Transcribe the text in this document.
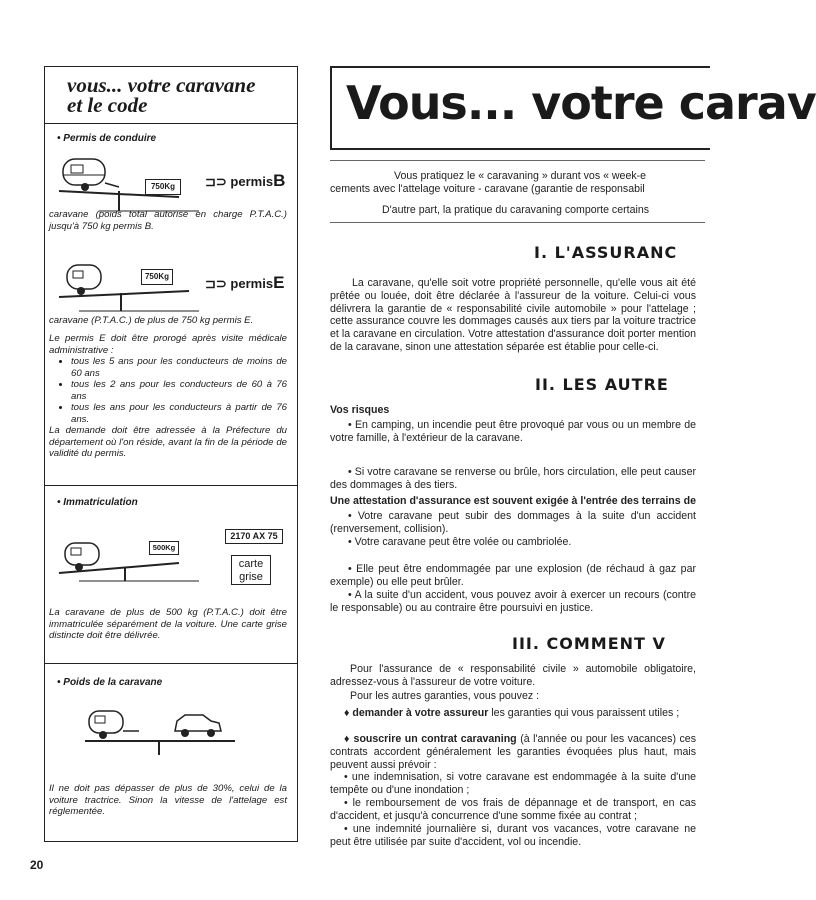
vous... votre caravane
et le code
• Permis de conduire
750Kg	⊐⊃ permisB
caravane (poids total autorisé en charge P.T.A.C.) jusqu'à 750 kg permis B.
750Kg	⊐⊃ permisE
caravane (P.T.A.C.) de plus de 750 kg permis E.
Le permis E doit être prorogé après visite médicale administrative :
• tous les 5 ans pour les conducteurs de moins de 60 ans
• tous les 2 ans pour les conducteurs de 60 à 76 ans
• tous les ans pour les conducteurs à partir de 76 ans.
La demande doit être adressée à la Préfecture du département où l'on réside, avant la fin de la période de validité du permis.
• Immatriculation
2170 AX 75
500Kg
carte
grise
La caravane de plus de 500 kg (P.T.A.C.) doit être immatriculée séparément de la voiture. Une carte grise distincte doit être délivrée.
• Poids de la caravane
Il ne doit pas dépasser de plus de 30%, celui de la voiture tractrice. Sinon la vitesse de l'attelage est réglementée.
20
Vous... votre carav
Vous pratiquez le « caravaning » durant vos « week-e
cements avec l'attelage voiture - caravane (garantie de responsabil
D'autre part, la pratique du caravaning comporte certains
I. L'ASSURANC
La caravane, qu'elle soit votre propriété personnelle, qu'elle vous ait été prêtée ou louée, doit être déclarée à l'assureur de la voiture. Celui-ci vous délivrera la garantie de « responsabilité civile automobile » pour l'attelage ; cette assurance couvre les dommages causés aux tiers par la voiture tractrice et la caravane en circulation. Votre attestation d'assurance doit porter mention de la caravane, sinon une attestation séparée est établie pour celle-ci.
II. LES AUTRE
Vos risques
• En camping, un incendie peut être provoqué par vous ou un membre de votre famille, à l'extérieur de la caravane.
• Si votre caravane se renverse ou brûle, hors circulation, elle peut causer des dommages à des tiers.
Une attestation d'assurance est souvent exigée à l'entrée des terrains de
• Votre caravane peut subir des dommages à la suite d'un accident (renversement, collision).
• Votre caravane peut être volée ou cambriolée.
• Elle peut être endommagée par une explosion (de réchaud à gaz par exemple) ou elle peut brûler.
• A la suite d'un accident, vous pouvez avoir à exercer un recours (contre le responsable) ou au contraire être poursuivi en justice.
III. COMMENT V
Pour l'assurance de « responsabilité civile » automobile obligatoire, adressez-vous à l'assureur de votre voiture.
Pour les autres garanties, vous pouvez :
♦ demander à votre assureur les garanties qui vous paraissent utiles ;
♦ souscrire un contrat caravaning (à l'année ou pour les vacances) ces contrats accordent généralement les garanties évoquées plus haut, mais peuvent aussi prévoir :
• une indemnisation, si votre caravane est endommagée à la suite d'une tempête ou d'une inondation ;
• le remboursement de vos frais de dépannage et de transport, en cas d'accident, et jusqu'à concurrence d'une somme fixée au contrat ;
• une indemnité journalière si, durant vos vacances, votre caravane ne peut être utilisée par suite d'accident, vol ou incendie.
